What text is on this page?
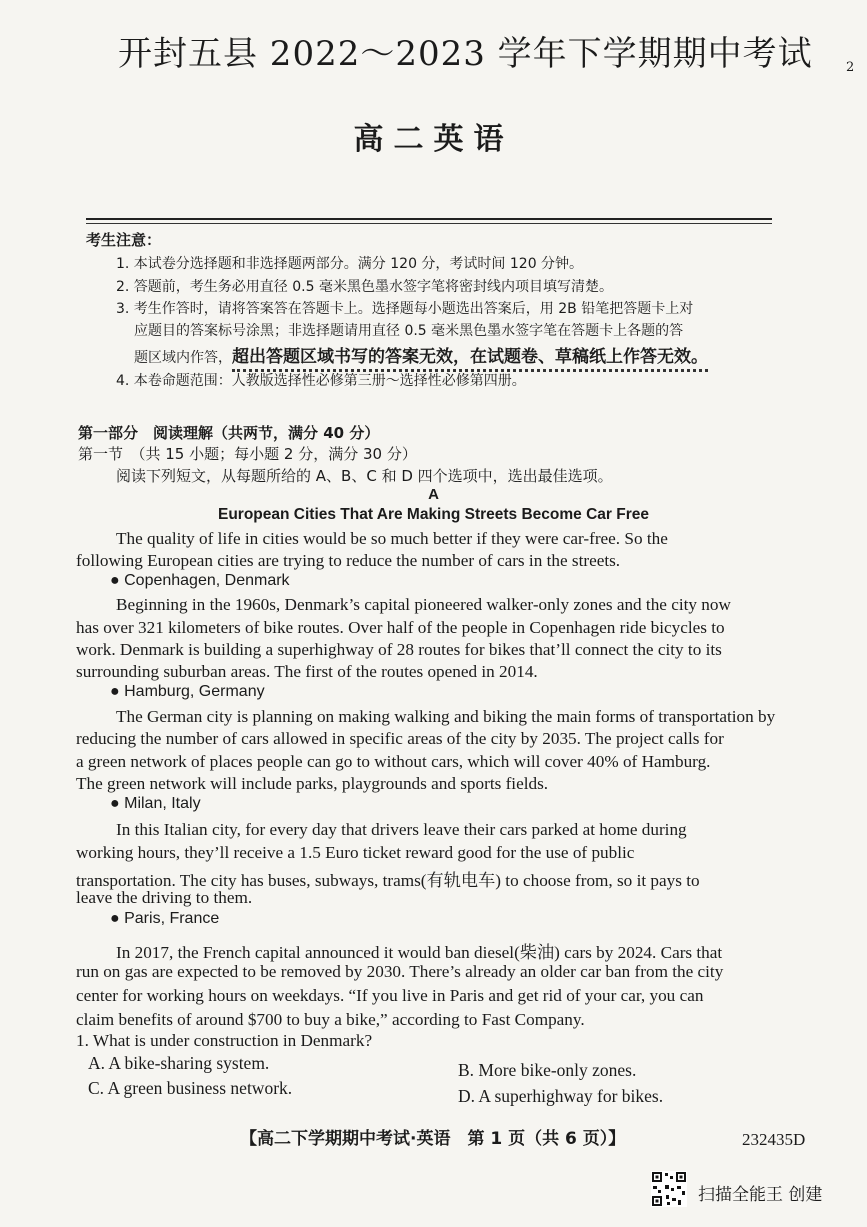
开封五县 2022～2023 学年下学期期中考试	2
高二英语
考生注意：
1. 本试卷分选择题和非选择题两部分。满分 120 分，考试时间 120 分钟。
2. 答题前，考生务必用直径 0.5 毫米黑色墨水签字笔将密封线内项目填写清楚。
3. 考生作答时，请将答案答在答题卡上。选择题每小题选出答案后，用 2B 铅笔把答题卡上对
应题目的答案标号涂黑；非选择题请用直径 0.5 毫米黑色墨水签字笔在答题卡上各题的答
题区域内作答，超出答题区域书写的答案无效，在试题卷、草稿纸上作答无效。
4. 本卷命题范围：人教版选择性必修第三册～选择性必修第四册。
第一部分　阅读理解（共两节，满分 40 分）
第一节　（共 15 小题；每小题 2 分，满分 30 分）
阅读下列短文，从每题所给的 A、B、C 和 D 四个选项中，选出最佳选项。
A
European Cities That Are Making Streets Become Car Free
The quality of life in cities would be so much better if they were car-free. So the
following European cities are trying to reduce the number of cars in the streets.
● Copenhagen, Denmark
Beginning in the 1960s, Denmark’s capital pioneered walker-only zones and the city now
has over 321 kilometers of bike routes. Over half of the people in Copenhagen ride bicycles to
work. Denmark is building a superhighway of 28 routes for bikes that’ll connect the city to its
surrounding suburban areas. The first of the routes opened in 2014.
● Hamburg, Germany
The German city is planning on making walking and biking the main forms of transportation by
reducing the number of cars allowed in specific areas of the city by 2035. The project calls for
a green network of places people can go to without cars, which will cover 40% of Hamburg.
The green network will include parks, playgrounds and sports fields.
● Milan, Italy
In this Italian city, for every day that drivers leave their cars parked at home during
working hours, they’ll receive a 1.5 Euro ticket reward good for the use of public
transportation. The city has buses, subways, trams(有轨电车) to choose from, so it pays to
leave the driving to them.
● Paris, France
In 2017, the French capital announced it would ban diesel(柴油) cars by 2024. Cars that
run on gas are expected to be removed by 2030. There’s already an older car ban from the city
center for working hours on weekdays. “If you live in Paris and get rid of your car, you can
claim benefits of around $700 to buy a bike,” according to Fast Company.
1. What is under construction in Denmark?
A. A bike-sharing system.	B. More bike-only zones.
C. A green business network.	D. A superhighway for bikes.
【高二下学期期中考试·英语　第 1 页（共 6 页）】	232435D
扫描全能王 创建
